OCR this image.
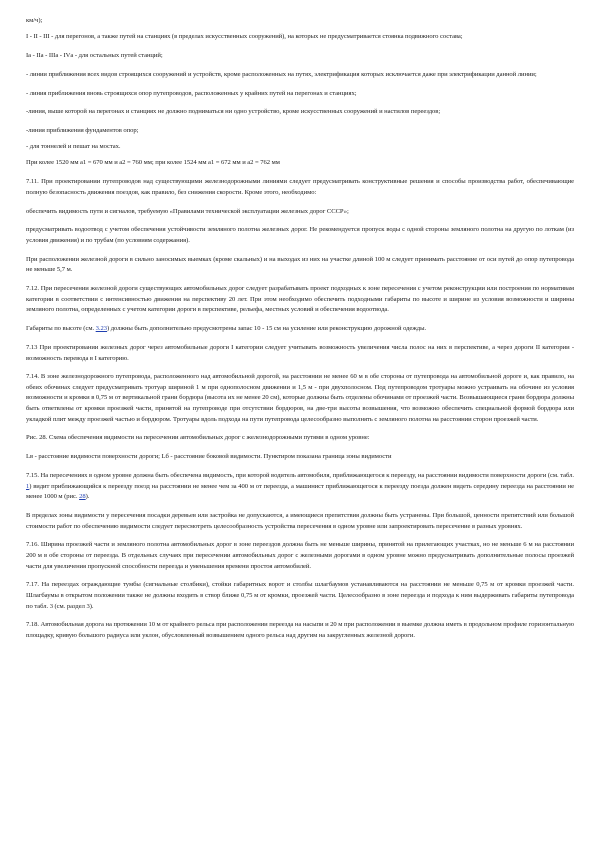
км/ч);

I - II - III - для перегонов, а также путей на станциях (в пределах искусственных сооружений), на которых не предусматривается стоянка подвижного состава;

Iа - IIа - IIIа - IVа - для остальных путей станций;

- линии приближения всех видов строящихся сооружений и устройств, кроме расположенных на путях, электрификация которых исключается даже при электрификации данной линии;

- линия приближения вновь строящихся опор путепроводов, расположенных у крайних путей на перегонах и станциях;

-линия, выше которой на перегонах и станциях не должно подниматься ни одно устройство, кроме искусственных сооружений и настилов переездов;

-линия приближения фундаментов опор;

- для тоннелей и пешат на мостах.

При колее 1520 мм а1 = 670 мм и а2 = 760 мм; при колее 1524 мм а1 = 672 мм и а2 = 762 мм

7.11. При проектировании путепроводов над существующими железнодорожными линиями следует предусматривать конструктивные решения и способы производства работ, обеспечивающие полную безопасность движения поездов, как правило, без снижения скорости. Кроме этого, необходимо:

обеспечить видимость пути и сигналов, требуемую «Правилами технической эксплуатации железных дорог СССР»;

предусматривать водоотвод с учетом обеспечения устойчивости земляного полотна железных дорог. Не рекомендуется пропуск воды с одной стороны земляного полотна на другую по лоткам (из условия движения) и по трубам (по условиям содержания).

При расположении железной дороги в сильно заносимых выемках (кроме скальных) и на выходах из них на участке длиной 100 м следует принимать расстояние от оси путей до опор путепровода не меньше 5,7 м.

7.12. При пересечении железной дороги существующих автомобильных дорог следует разрабатывать проект подходных к зоне пересечения с учетом реконструкции или построения по нормативам категории в соответствии с интенсивностью движения на перспективу 20 лет. При этом необходимо обеспечить подходными габариты по высоте и ширине из условия возможности и ширины земляного полотна, определенных с учетом категории дороги в перспективе, рельефа, местных условий и обеспечения водоотвода.

Габариты по высоте (см. 3.23) должны быть дополнительно предусмотрены запас 10 - 15 см на усиление или реконструкцию дорожной одежды.

7.13 При проектировании железных дорог через автомобильные дороги I категории следует учитывать возможность увеличения числа полос на них в перспективе, а через дороги II категории - возможность перевода в I категорию.

7.14. В зоне железнодорожного путепровода, расположенного над автомобильной дорогой, на расстоянии не менее 60 м в обе стороны от путепровода на автомобильной дороге и, как правило, на обеих обочинах следует предусматривать тротуар шириной 1 м при однополосном движении и 1,5 м - при двухполосном. Под путепроводом тротуары можно устраивать на обочине из условия возможности и кромки в 0,75 м от вертикальной грани бордюра (высота их не менее 20 см), которые должны быть отделены обочинами от проезжей части. Возвышающиеся грани бордюра должны быть ответвлены от кромки проезжей части, принятой на путепроводе при отсутствии бордюров, на две-три высоты возвышения, что возможно обеспечить специальной формой бордюра или укладкой плит между проезжей частью и бордюром. Тротуары вдоль подхода на пути путепровода целесообразно выполнять с земляного полотна на расстоянии сторон проезжей части.

Рис. 28. Схема обеспечения видимости на пересечении автомобильных дорог с железнодорожными путями в одном уровне:

Lв - расстояние видимости поверхности дороги; Lб - расстояние боковой видимости. Пунктиром показана граница зоны видимости

7.15. На пересечениях в одном уровне должна быть обеспечена видимость, при которой водитель автомобиля, приближающегося к переезду, на расстоянии видимости поверхности дороги (см. табл. 1) видит приближающийся к переезду поезд на расстоянии не менее чем за 400 м от переезда, а машинист приближающегося к переезду поезда должен видеть середину переезда на расстоянии не менее 1000 м (рис. 28).

В пределах зоны видимости у пересечения посадки деревьев или застройка не допускаются, а имеющиеся препятствия должны быть устранены. При большой, ценности препятствий или большой стоимости работ по обеспечению видимости следует пересмотреть целесообразность устройства пересечения в одном уровне или запроектировать пересечение в разных уровнях.

7.16. Ширина проезжей части и земляного полотна автомобильных дорог в зоне переездов должна быть не меньше ширины, принятой на прилегающих участках, но не меньше 6 м на расстоянии 200 м в обе стороны от переезда. В отдельных случаях при пересечении автомобильных дорог с железными дорогами в одном уровне можно предусматривать дополнительные полосы проезжей части для увеличения пропускной способности переезда и уменьшения времени простоя автомобилей.

7.17. На переездах ограждающие тумбы (сигнальные столбики), стойки габаритных ворот и столбы шлагбаумов устанавливаются на расстоянии не меньше 0,75 м от кромки проезжей части. Шлагбаумы в открытом положении также не должны входить в створ ближе 0,75 м от кромки, проезжей части. Целесообразно в зоне переезда и подхода к ним выдерживать габариты путепровода по табл. 3 (см. раздел 3).

7.18. Автомобильная дорога на протяжении 10 м от крайнего рельса при расположении переезда на насыпи и 20 м при расположении в выемке должна иметь в продольном профиле горизонтальную площадку, кривую большого радиуса или уклон, обусловленный возвышением одного рельса над другим на закругленных железной дороги.
